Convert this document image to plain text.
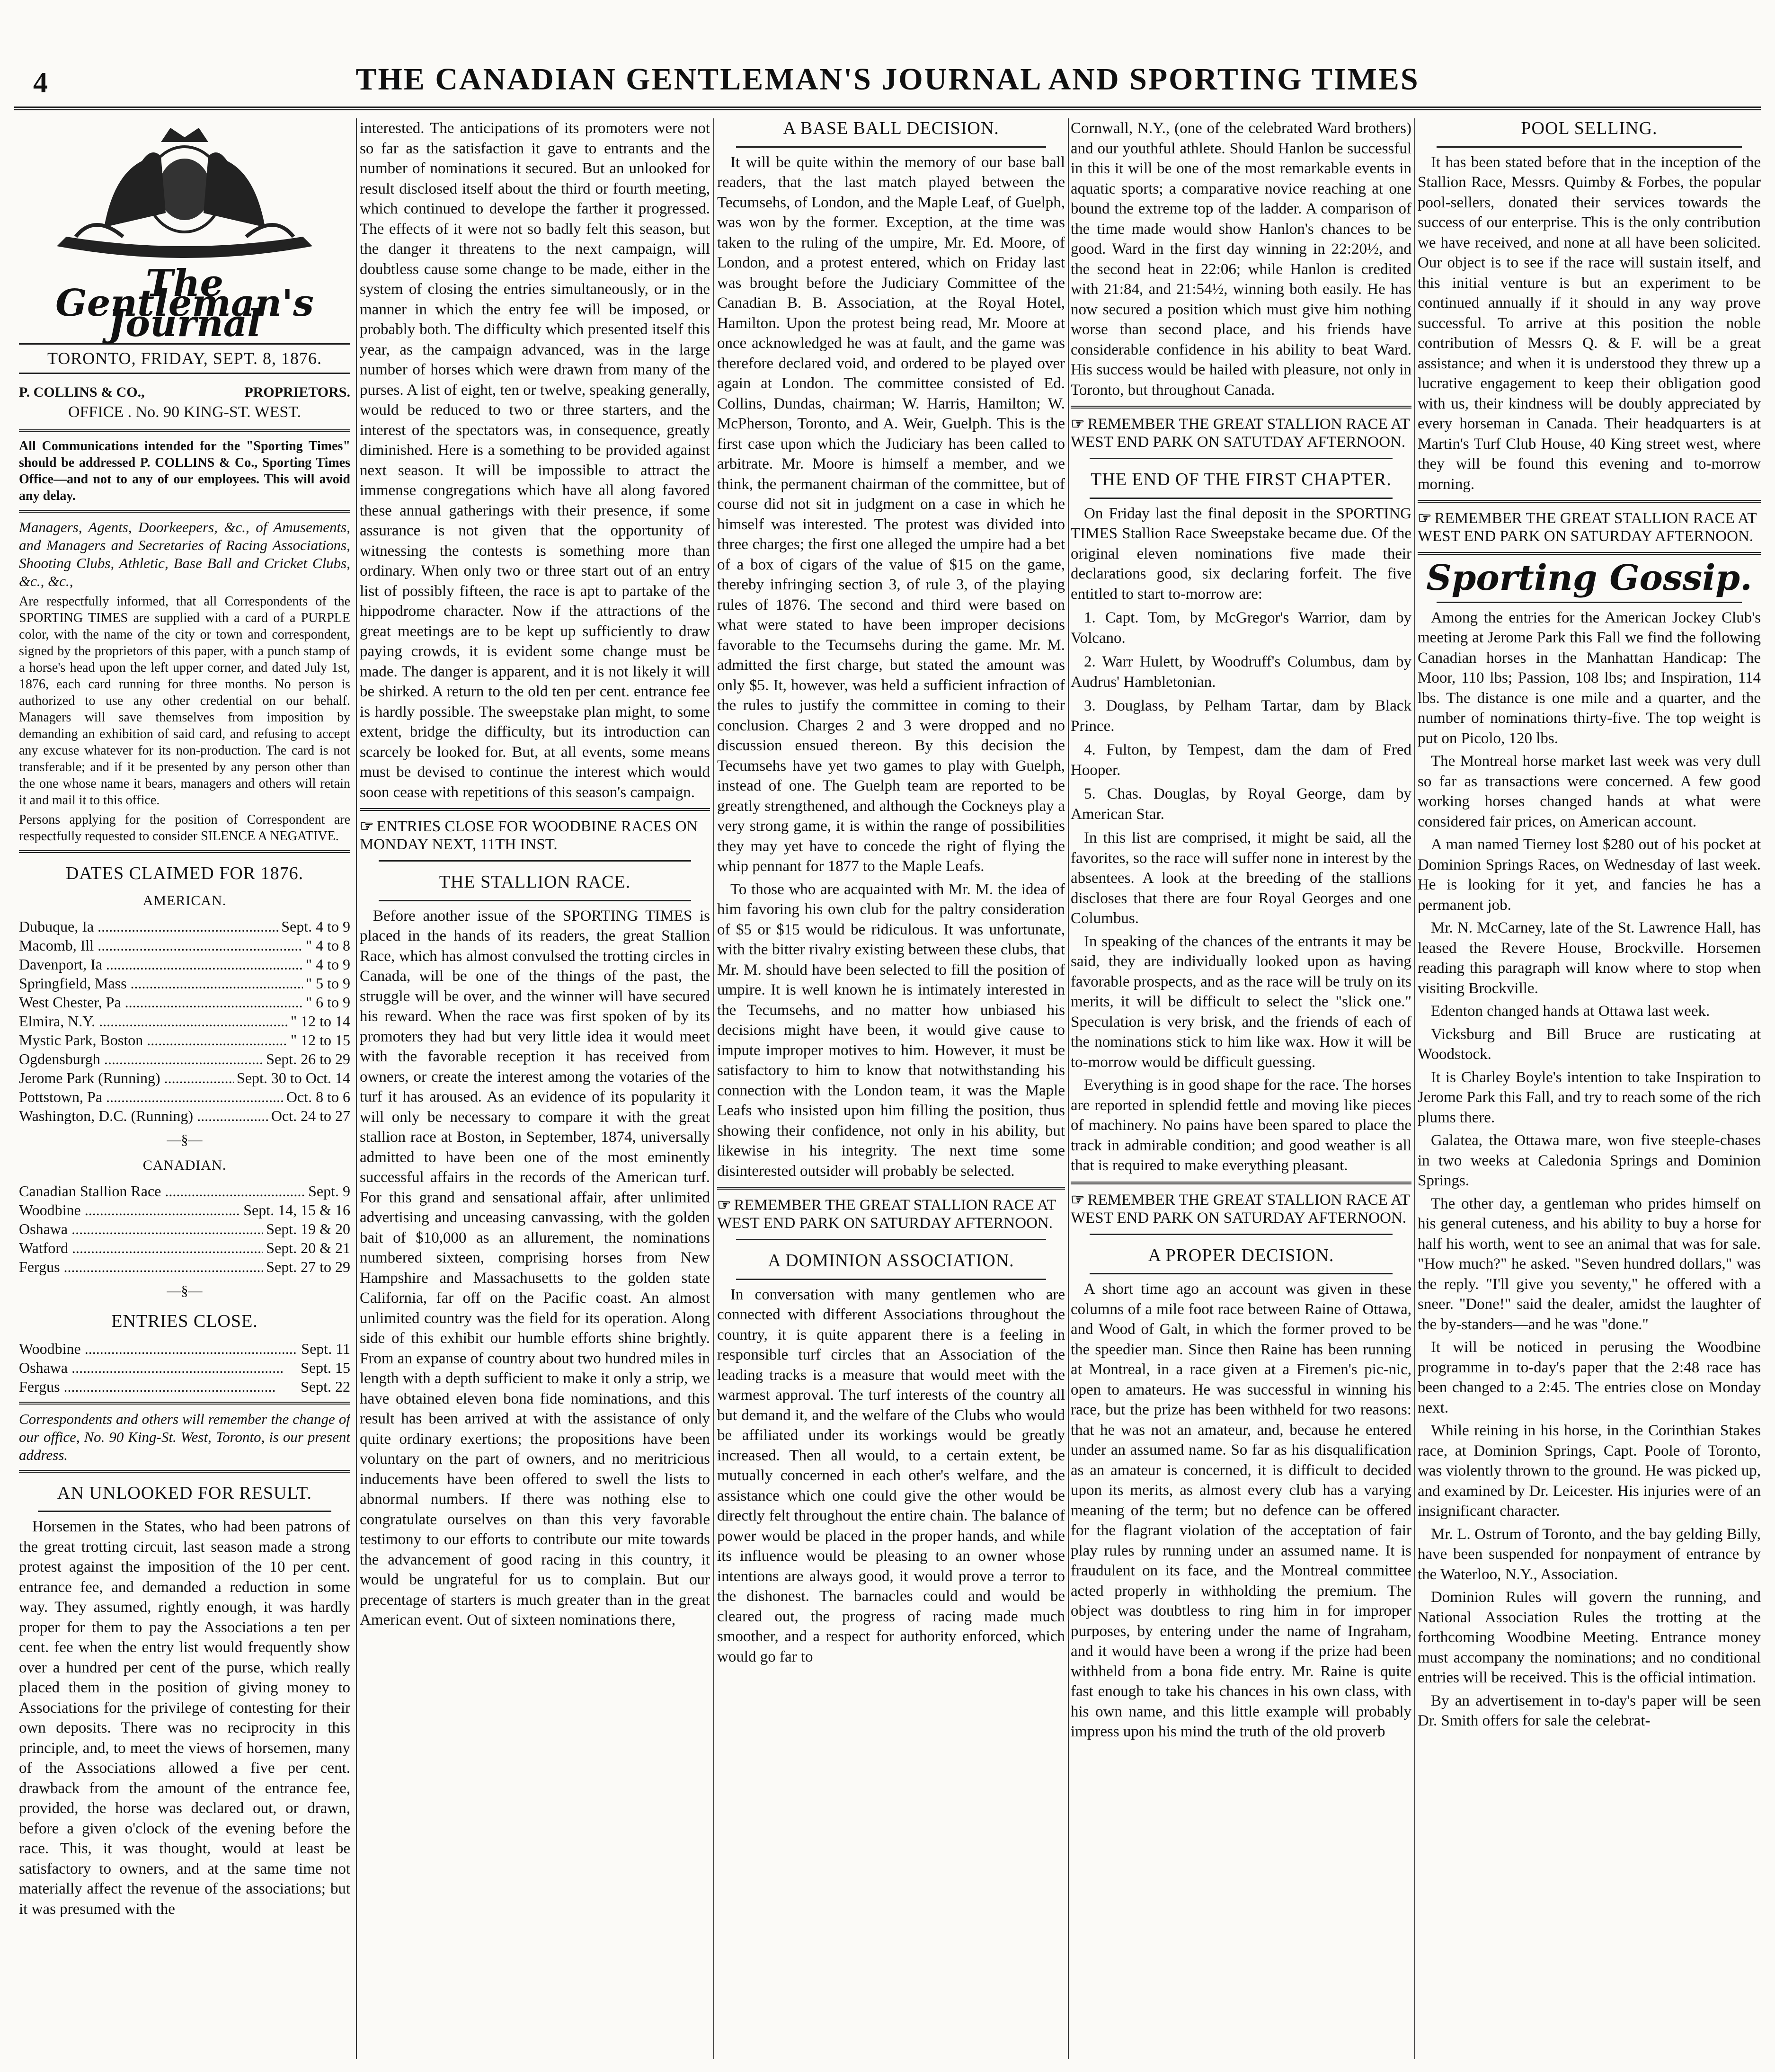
4	THE CANADIAN GENTLEMAN'S JOURNAL AND SPORTING TIMES
The Gentleman's Journal
TORONTO, FRIDAY, SEPT. 8, 1876.
P. COLLINS & CO.,	PROPRIETORS.
OFFICE . No. 90 KING-ST. WEST.

All Communications intended for the "Sporting Times" should be addressed P. COLLINS & Co., Sporting Times Office—and not to any of our employees. This will avoid any delay.

Managers, Agents, Doorkeepers, &c., of Amusements, and Managers and Secretaries of Racing Associations, Shooting Clubs, Athletic, Base Ball and Cricket Clubs, &c., &c.,

Are respectfully informed, that all Correspondents of the SPORTING TIMES are supplied with a card of a PURPLE color, with the name of the city or town and correspondent, signed by the proprietors of this paper, with a punch stamp of a horse's head upon the left upper corner, and dated July 1st, 1876, each card running for three months. No person is authorized to use any other credential on our behalf. Managers will save themselves from imposition by demanding an exhibition of said card, and refusing to accept any excuse whatever for its non-production. The card is not transferable; and if it be presented by any person other than the one whose name it bears, managers and others will retain it and mail it to this office.

Persons applying for the position of Correspondent are respectfully requested to consider SILENCE A NEGATIVE.

DATES CLAIMED FOR 1876.
AMERICAN.
Dubuque, Ia .....	Sept. 4 to 9
Macomb, Ill .....	" 4 to 8
Davenport, Ia .....	" 4 to 9
Springfield, Mass .....	" 5 to 9
West Chester, Pa .....	" 6 to 9
Elmira, N.Y. .....	" 12 to 14
Mystic Park, Boston .....	" 12 to 15
Ogdensburgh .....	Sept. 26 to 29
Jerome Park (Running) .....	Sept. 30 to Oct. 14
Pottstown, Pa .....	Oct. 8 to 6
Washington, D.C. (Running) .....	Oct. 24 to 27
—§—
CANADIAN.
Canadian Stallion Race .....	Sept. 9
Woodbine .....	Sept. 14, 15 & 16
Oshawa .....	Sept. 19 & 20
Watford .....	Sept. 20 & 21
Fergus .....	Sept. 27 to 29
—§—
ENTRIES CLOSE.
Woodbine .....	Sept. 11
Oshawa .....	Sept. 15
Fergus .....	Sept. 22

Correspondents and others will remember the change of our office, No. 90 King-St. West, Toronto, is our present address.

AN UNLOOKED FOR RESULT.

Horsemen in the States, who had been patrons of the great trotting circuit, last season made a strong protest against the imposition of the 10 per cent. entrance fee, and demanded a reduction in some way. They assumed, rightly enough, it was hardly proper for them to pay the Associations a ten per cent. fee when the entry list would frequently show over a hundred per cent of the purse, which really placed them in the position of giving money to Associations for the privilege of contesting for their own deposits. There was no reciprocity in this principle, and, to meet the views of horsemen, many of the Associations allowed a five per cent. drawback from the amount of the entrance fee, provided, the horse was declared out, or drawn, before a given o'clock of the evening before the race. This, it was thought, would at least be satisfactory to owners, and at the same time not materially affect the revenue of the associations; but it was presumed with the

interested. The anticipations of its promoters were not so far as the satisfaction it gave to entrants and the number of nominations it secured. But an unlooked for result disclosed itself about the third or fourth meeting, which continued to develope the farther it progressed. The effects of it were not so badly felt this season, but the danger it threatens to the next campaign, will doubtless cause some change to be made, either in the system of closing the entries simultaneously, or in the manner in which the entry fee will be imposed, or probably both. The difficulty which presented itself this year, as the campaign advanced, was in the large number of horses which were drawn from many of the purses. A list of eight, ten or twelve, speaking generally, would be reduced to two or three starters, and the interest of the spectators was, in consequence, greatly diminished. Here is a something to be provided against next season. It will be impossible to attract the immense congregations which have all along favored these annual gatherings with their presence, if some assurance is not given that the opportunity of witnessing the contests is something more than ordinary. When only two or three start out of an entry list of possibly fifteen, the race is apt to partake of the hippodrome character. Now if the attractions of the great meetings are to be kept up sufficiently to draw paying crowds, it is evident some change must be made. The danger is apparent, and it is not likely it will be shirked. A return to the old ten per cent. entrance fee is hardly possible. The sweepstake plan might, to some extent, bridge the difficulty, but its introduction can scarcely be looked for. But, at all events, some means must be devised to continue the interest which would soon cease with repetitions of this season's campaign.

☞ ENTRIES CLOSE FOR WOODBINE RACES ON MONDAY NEXT, 11TH INST.

THE STALLION RACE.

Before another issue of the SPORTING TIMES is placed in the hands of its readers, the great Stallion Race, which has almost convulsed the trotting circles in Canada, will be one of the things of the past, the struggle will be over, and the winner will have secured his reward. When the race was first spoken of by its promoters they had but very little idea it would meet with the favorable reception it has received from owners, or create the interest among the votaries of the turf it has aroused. As an evidence of its popularity it will only be necessary to compare it with the great stallion race at Boston, in September, 1874, universally admitted to have been one of the most eminently successful affairs in the records of the American turf. For this grand and sensational affair, after unlimited advertising and unceasing canvassing, with the golden bait of $10,000 as an allurement, the nominations numbered sixteen, comprising horses from New Hampshire and Massachusetts to the golden state California, far off on the Pacific coast. An almost unlimited country was the field for its operation. Along side of this exhibit our humble efforts shine brightly. From an expanse of country about two hundred miles in length with a depth sufficient to make it only a strip, we have obtained eleven bona fide nominations, and this result has been arrived at with the assistance of only quite ordinary exertions; the propositions have been voluntary on the part of owners, and no meritricious inducements have been offered to swell the lists to abnormal numbers. If there was nothing else to congratulate ourselves on than this very favorable testimony to our efforts to contribute our mite towards the advancement of good racing in this country, it would be ungrateful for us to complain. But our precentage of starters is much greater than in the great American event. Out of sixteen nominations there,

A BASE BALL DECISION.

It will be quite within the memory of our base ball readers, that the last match played between the Tecumsehs, of London, and the Maple Leaf, of Guelph, was won by the former. Exception, at the time was taken to the ruling of the umpire, Mr. Ed. Moore, of London, and a protest entered, which on Friday last was brought before the Judiciary Committee of the Canadian B. B. Association, at the Royal Hotel, Hamilton. Upon the protest being read, Mr. Moore at once acknowledged he was at fault, and the game was therefore declared void, and ordered to be played over again at London. The committee consisted of Ed. Collins, Dundas, chairman; W. Harris, Hamilton; W. McPherson, Toronto, and A. Weir, Guelph. This is the first case upon which the Judiciary has been called to arbitrate. Mr. Moore is himself a member, and we think, the permanent chairman of the committee, but of course did not sit in judgment on a case in which he himself was interested. The protest was divided into three charges; the first one alleged the umpire had a bet of a box of cigars of the value of $15 on the game, thereby infringing section 3, of rule 3, of the playing rules of 1876. The second and third were based on what were stated to have been improper decisions favorable to the Tecumsehs during the game. Mr. M. admitted the first charge, but stated the amount was only $5. It, however, was held a sufficient infraction of the rules to justify the committee in coming to their conclusion. Charges 2 and 3 were dropped and no discussion ensued thereon. By this decision the Tecumsehs have yet two games to play with Guelph, instead of one. The Guelph team are reported to be greatly strengthened, and although the Cockneys play a very strong game, it is within the range of possibilities they may yet have to concede the right of flying the whip pennant for 1877 to the Maple Leafs.

To those who are acquainted with Mr. M. the idea of him favoring his own club for the paltry consideration of $5 or $15 would be ridiculous. It was unfortunate, with the bitter rivalry existing between these clubs, that Mr. M. should have been selected to fill the position of umpire. It is well known he is intimately interested in the Tecumsehs, and no matter how unbiased his decisions might have been, it would give cause to impute improper motives to him. However, it must be satisfactory to him to know that notwithstanding his connection with the London team, it was the Maple Leafs who insisted upon him filling the position, thus showing their confidence, not only in his ability, but likewise in his integrity. The next time some disinterested outsider will probably be selected.

☞ REMEMBER THE GREAT STALLION RACE AT WEST END PARK ON SATURDAY AFTERNOON.

A DOMINION ASSOCIATION.

In conversation with many gentlemen who are connected with different Associations throughout the country, it is quite apparent there is a feeling in responsible turf circles that an Association of the leading tracks is a measure that would meet with the warmest approval. The turf interests of the country all but demand it, and the welfare of the Clubs who would be affiliated under its workings would be greatly increased. Then all would, to a certain extent, be mutually concerned in each other's welfare, and the assistance which one could give the other would be directly felt throughout the entire chain. The balance of power would be placed in the proper hands, and while its influence would be pleasing to an owner whose intentions are always good, it would prove a terror to the dishonest. The barnacles could and would be cleared out, the progress of racing made much smoother, and a respect for authority enforced, which would go far to

Cornwall, N.Y., (one of the celebrated Ward brothers) and our youthful athlete. Should Hanlon be successful in this it will be one of the most remarkable events in aquatic sports; a comparative novice reaching at one bound the extreme top of the ladder. A comparison of the time made would show Hanlon's chances to be good. Ward in the first day winning in 22:20½, and the second heat in 22:06; while Hanlon is credited with 21:84, and 21:54½, winning both easily. He has now secured a position which must give him nothing worse than second place, and his friends have considerable confidence in his ability to beat Ward. His success would be hailed with pleasure, not only in Toronto, but throughout Canada.

☞ REMEMBER THE GREAT STALLION RACE AT WEST END PARK ON SATUTDAY AFTERNOON.

THE END OF THE FIRST CHAPTER.

On Friday last the final deposit in the SPORTING TIMES Stallion Race Sweepstake became due. Of the original eleven nominations five made their declarations good, six declaring forfeit. The five entitled to start to-morrow are:

1. Capt. Tom, by McGregor's Warrior, dam by Volcano.

2. Warr Hulett, by Woodruff's Columbus, dam by Audrus' Hambletonian.

3. Douglass, by Pelham Tartar, dam by Black Prince.

4. Fulton, by Tempest, dam the dam of Fred Hooper.

5. Chas. Douglas, by Royal George, dam by American Star.

In this list are comprised, it might be said, all the favorites, so the race will suffer none in interest by the absentees. A look at the breeding of the stallions discloses that there are four Royal Georges and one Columbus.

In speaking of the chances of the entrants it may be said, they are individually looked upon as having favorable prospects, and as the race will be truly on its merits, it will be difficult to select the "slick one." Speculation is very brisk, and the friends of each of the nominations stick to him like wax. How it will be to-morrow would be difficult guessing.

Everything is in good shape for the race. The horses are reported in splendid fettle and moving like pieces of machinery. No pains have been spared to place the track in admirable condition; and good weather is all that is required to make everything pleasant.

☞ REMEMBER THE GREAT STALLION RACE AT WEST END PARK ON SATURDAY AFTERNOON.

A PROPER DECISION.

A short time ago an account was given in these columns of a mile foot race between Raine of Ottawa, and Wood of Galt, in which the former proved to be the speedier man. Since then Raine has been running at Montreal, in a race given at a Firemen's pic-nic, open to amateurs. He was successful in winning his race, but the prize has been withheld for two reasons: that he was not an amateur, and, because he entered under an assumed name. So far as his disqualification as an amateur is concerned, it is difficult to decided upon its merits, as almost every club has a varying meaning of the term; but no defence can be offered for the flagrant violation of the acceptation of fair play rules by running under an assumed name. It is fraudulent on its face, and the Montreal committee acted properly in withholding the premium. The object was doubtless to ring him in for improper purposes, by entering under the name of Ingraham, and it would have been a wrong if the prize had been withheld from a bona fide entry. Mr. Raine is quite fast enough to take his chances in his own class, with his own name, and this little example will probably impress upon his mind the truth of the old proverb

POOL SELLING.

It has been stated before that in the inception of the Stallion Race, Messrs. Quimby & Forbes, the popular pool-sellers, donated their services towards the success of our enterprise. This is the only contribution we have received, and none at all have been solicited. Our object is to see if the race will sustain itself, and this initial venture is but an experiment to be continued annually if it should in any way prove successful. To arrive at this position the noble contribution of Messrs Q. & F. will be a great assistance; and when it is understood they threw up a lucrative engagement to keep their obligation good with us, their kindness will be doubly appreciated by every horseman in Canada. Their headquarters is at Martin's Turf Club House, 40 King street west, where they will be found this evening and to-morrow morning.

☞ REMEMBER THE GREAT STALLION RACE AT WEST END PARK ON SATURDAY AFTERNOON.

Sporting Gossip.

Among the entries for the American Jockey Club's meeting at Jerome Park this Fall we find the following Canadian horses in the Manhattan Handicap: The Moor, 110 lbs; Passion, 108 lbs; and Inspiration, 114 lbs. The distance is one mile and a quarter, and the number of nominations thirty-five. The top weight is put on Picolo, 120 lbs.

The Montreal horse market last week was very dull so far as transactions were concerned. A few good working horses changed hands at what were considered fair prices, on American account.

A man named Tierney lost $280 out of his pocket at Dominion Springs Races, on Wednesday of last week. He is looking for it yet, and fancies he has a permanent job.

Mr. N. McCarney, late of the St. Lawrence Hall, has leased the Revere House, Brockville. Horsemen reading this paragraph will know where to stop when visiting Brockville.

Edenton changed hands at Ottawa last week.

Vicksburg and Bill Bruce are rusticating at Woodstock.

It is Charley Boyle's intention to take Inspiration to Jerome Park this Fall, and try to reach some of the rich plums there.

Galatea, the Ottawa mare, won five steeple-chases in two weeks at Caledonia Springs and Dominion Springs.

The other day, a gentleman who prides himself on his general cuteness, and his ability to buy a horse for half his worth, went to see an animal that was for sale. "How much?" he asked. "Seven hundred dollars," was the reply. "I'll give you seventy," he offered with a sneer. "Done!" said the dealer, amidst the laughter of the by-standers—and he was "done."

It will be noticed in perusing the Woodbine programme in to-day's paper that the 2:48 race has been changed to a 2:45. The entries close on Monday next.

While reining in his horse, in the Corinthian Stakes race, at Dominion Springs, Capt. Poole of Toronto, was violently thrown to the ground. He was picked up, and examined by Dr. Leicester. His injuries were of an insignificant character.

Mr. L. Ostrum of Toronto, and the bay gelding Billy, have been suspended for nonpayment of entrance by the Waterloo, N.Y., Association.

Dominion Rules will govern the running, and National Association Rules the trotting at the forthcoming Woodbine Meeting. Entrance money must accompany the nominations; and no conditional entries will be received. This is the official intimation.

By an advertisement in to-day's paper will be seen Dr. Smith offers for sale the celebrat-
